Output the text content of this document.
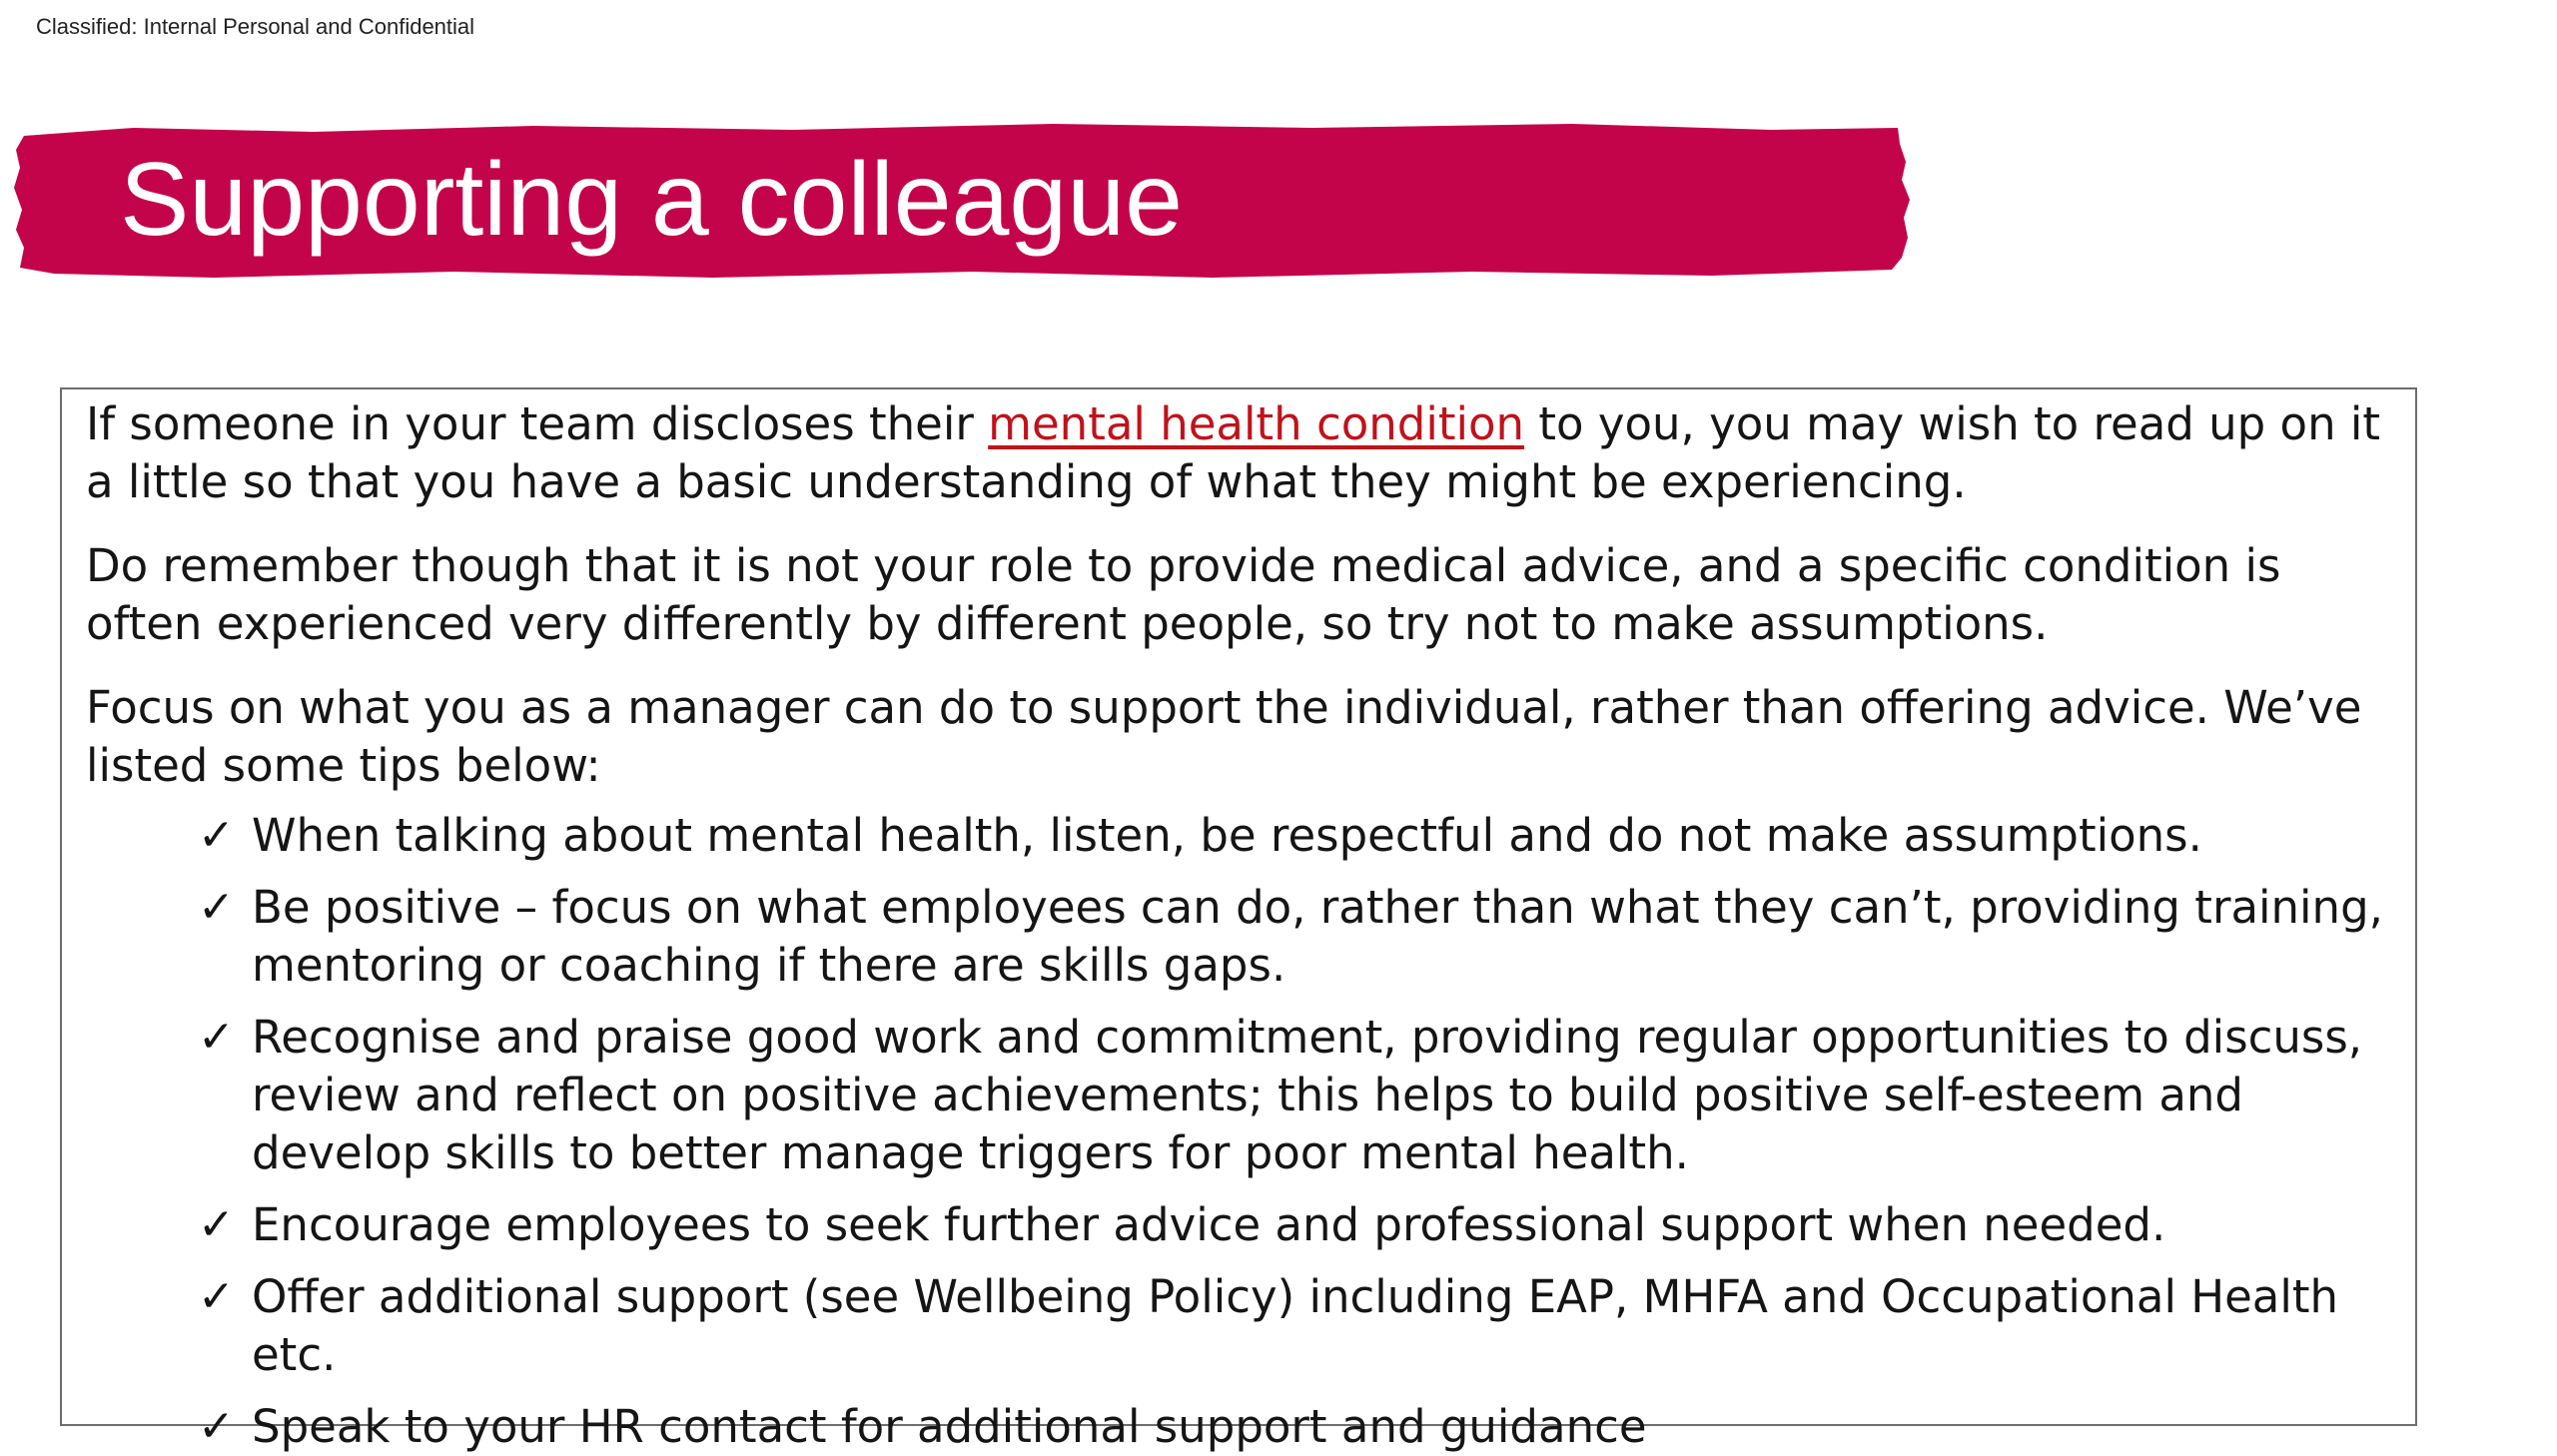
Classified: Internal Personal and Confidential
Supporting a colleague

If someone in your team discloses their mental health condition to you, you may wish to read up on it a little so that you have a basic understanding of what they might be experiencing.

Do remember though that it is not your role to provide medical advice, and a specific condition is often experienced very differently by different people, so try not to make assumptions.

Focus on what you as a manager can do to support the individual, rather than offering advice. We’ve listed some tips below:

✓ When talking about mental health, listen, be respectful and do not make assumptions.
✓ Be positive – focus on what employees can do, rather than what they can’t, providing training, mentoring or coaching if there are skills gaps.
✓ Recognise and praise good work and commitment, providing regular opportunities to discuss, review and reflect on positive achievements; this helps to build positive self-esteem and develop skills to better manage triggers for poor mental health.
✓ Encourage employees to seek further advice and professional support when needed.
✓ Offer additional support (see Wellbeing Policy) including EAP, MHFA and Occupational Health etc.
✓ Speak to your HR contact for additional support and guidance
